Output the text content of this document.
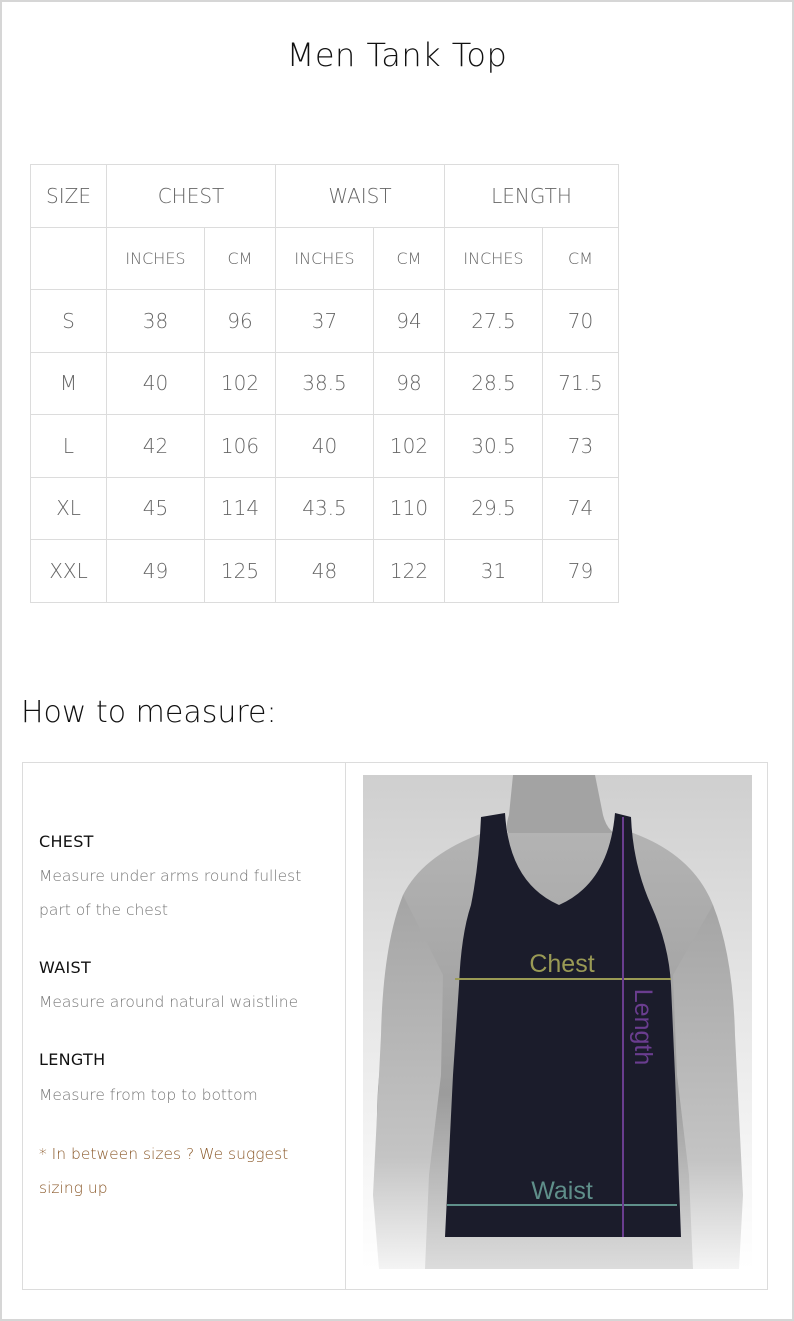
Men Tank Top
SIZE	CHEST		WAIST		LENGTH	
	INCHES	CM	INCHES	CM	INCHES	CM
S	38	96	37	94	27.5	70
M	40	102	38.5	98	28.5	71.5
L	42	106	40	102	30.5	73
XL	45	114	43.5	110	29.5	74
XXL	49	125	48	122	31	79
How to measure:
CHEST
Measure under arms round fullest part of the chest
WAIST
Measure around natural waistline
LENGTH
Measure from top to bottom
* In between sizes ? We suggest sizing up
Chest
Waist
Length
